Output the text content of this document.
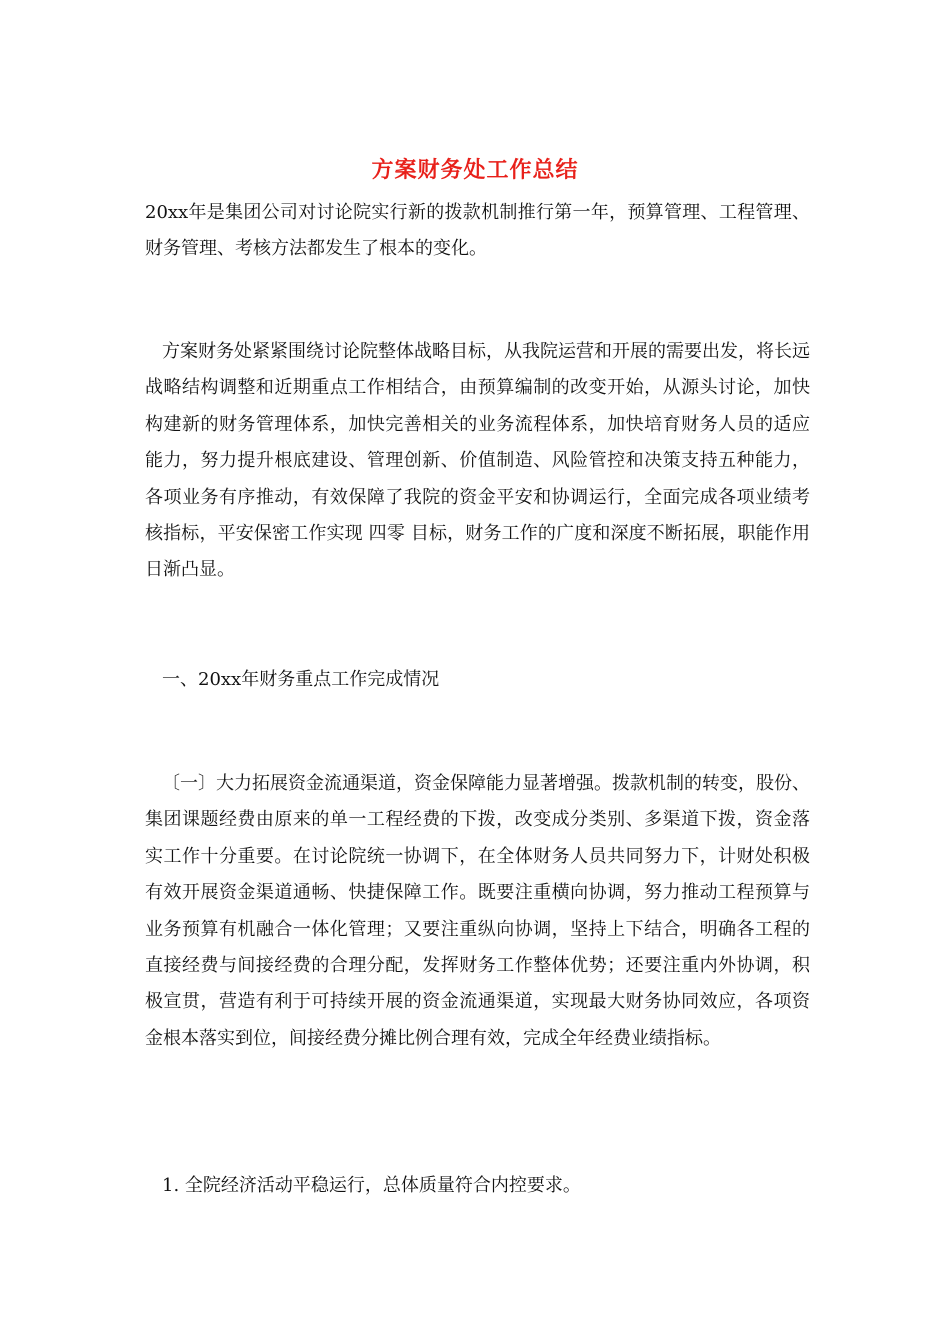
方案财务处工作总结

20xx年是集团公司对讨论院实行新的拨款机制推行第一年，预算管理、工程管理、财务管理、考核方法都发生了根本的变化。

方案财务处紧紧围绕讨论院整体战略目标，从我院运营和开展的需要出发，将长远战略结构调整和近期重点工作相结合，由预算编制的改变开始，从源头讨论，加快构建新的财务管理体系，加快完善相关的业务流程体系，加快培育财务人员的适应能力，努力提升根底建设、管理创新、价值制造、风险管控和决策支持五种能力，各项业务有序推动，有效保障了我院的资金平安和协调运行，全面完成各项业绩考核指标，平安保密工作实现 四零 目标，财务工作的广度和深度不断拓展，职能作用日渐凸显。

一、20xx年财务重点工作完成情况

〔一〕大力拓展资金流通渠道，资金保障能力显著增强。拨款机制的转变，股份、集团课题经费由原来的单一工程经费的下拨，改变成分类别、多渠道下拨，资金落实工作十分重要。在讨论院统一协调下，在全体财务人员共同努力下，计财处积极有效开展资金渠道通畅、快捷保障工作。既要注重横向协调，努力推动工程预算与业务预算有机融合一体化管理；又要注重纵向协调，坚持上下结合，明确各工程的直接经费与间接经费的合理分配，发挥财务工作整体优势；还要注重内外协调，积极宣贯，营造有利于可持续开展的资金流通渠道，实现最大财务协同效应，各项资金根本落实到位，间接经费分摊比例合理有效，完成全年经费业绩指标。

1. 全院经济活动平稳运行，总体质量符合内控要求。
